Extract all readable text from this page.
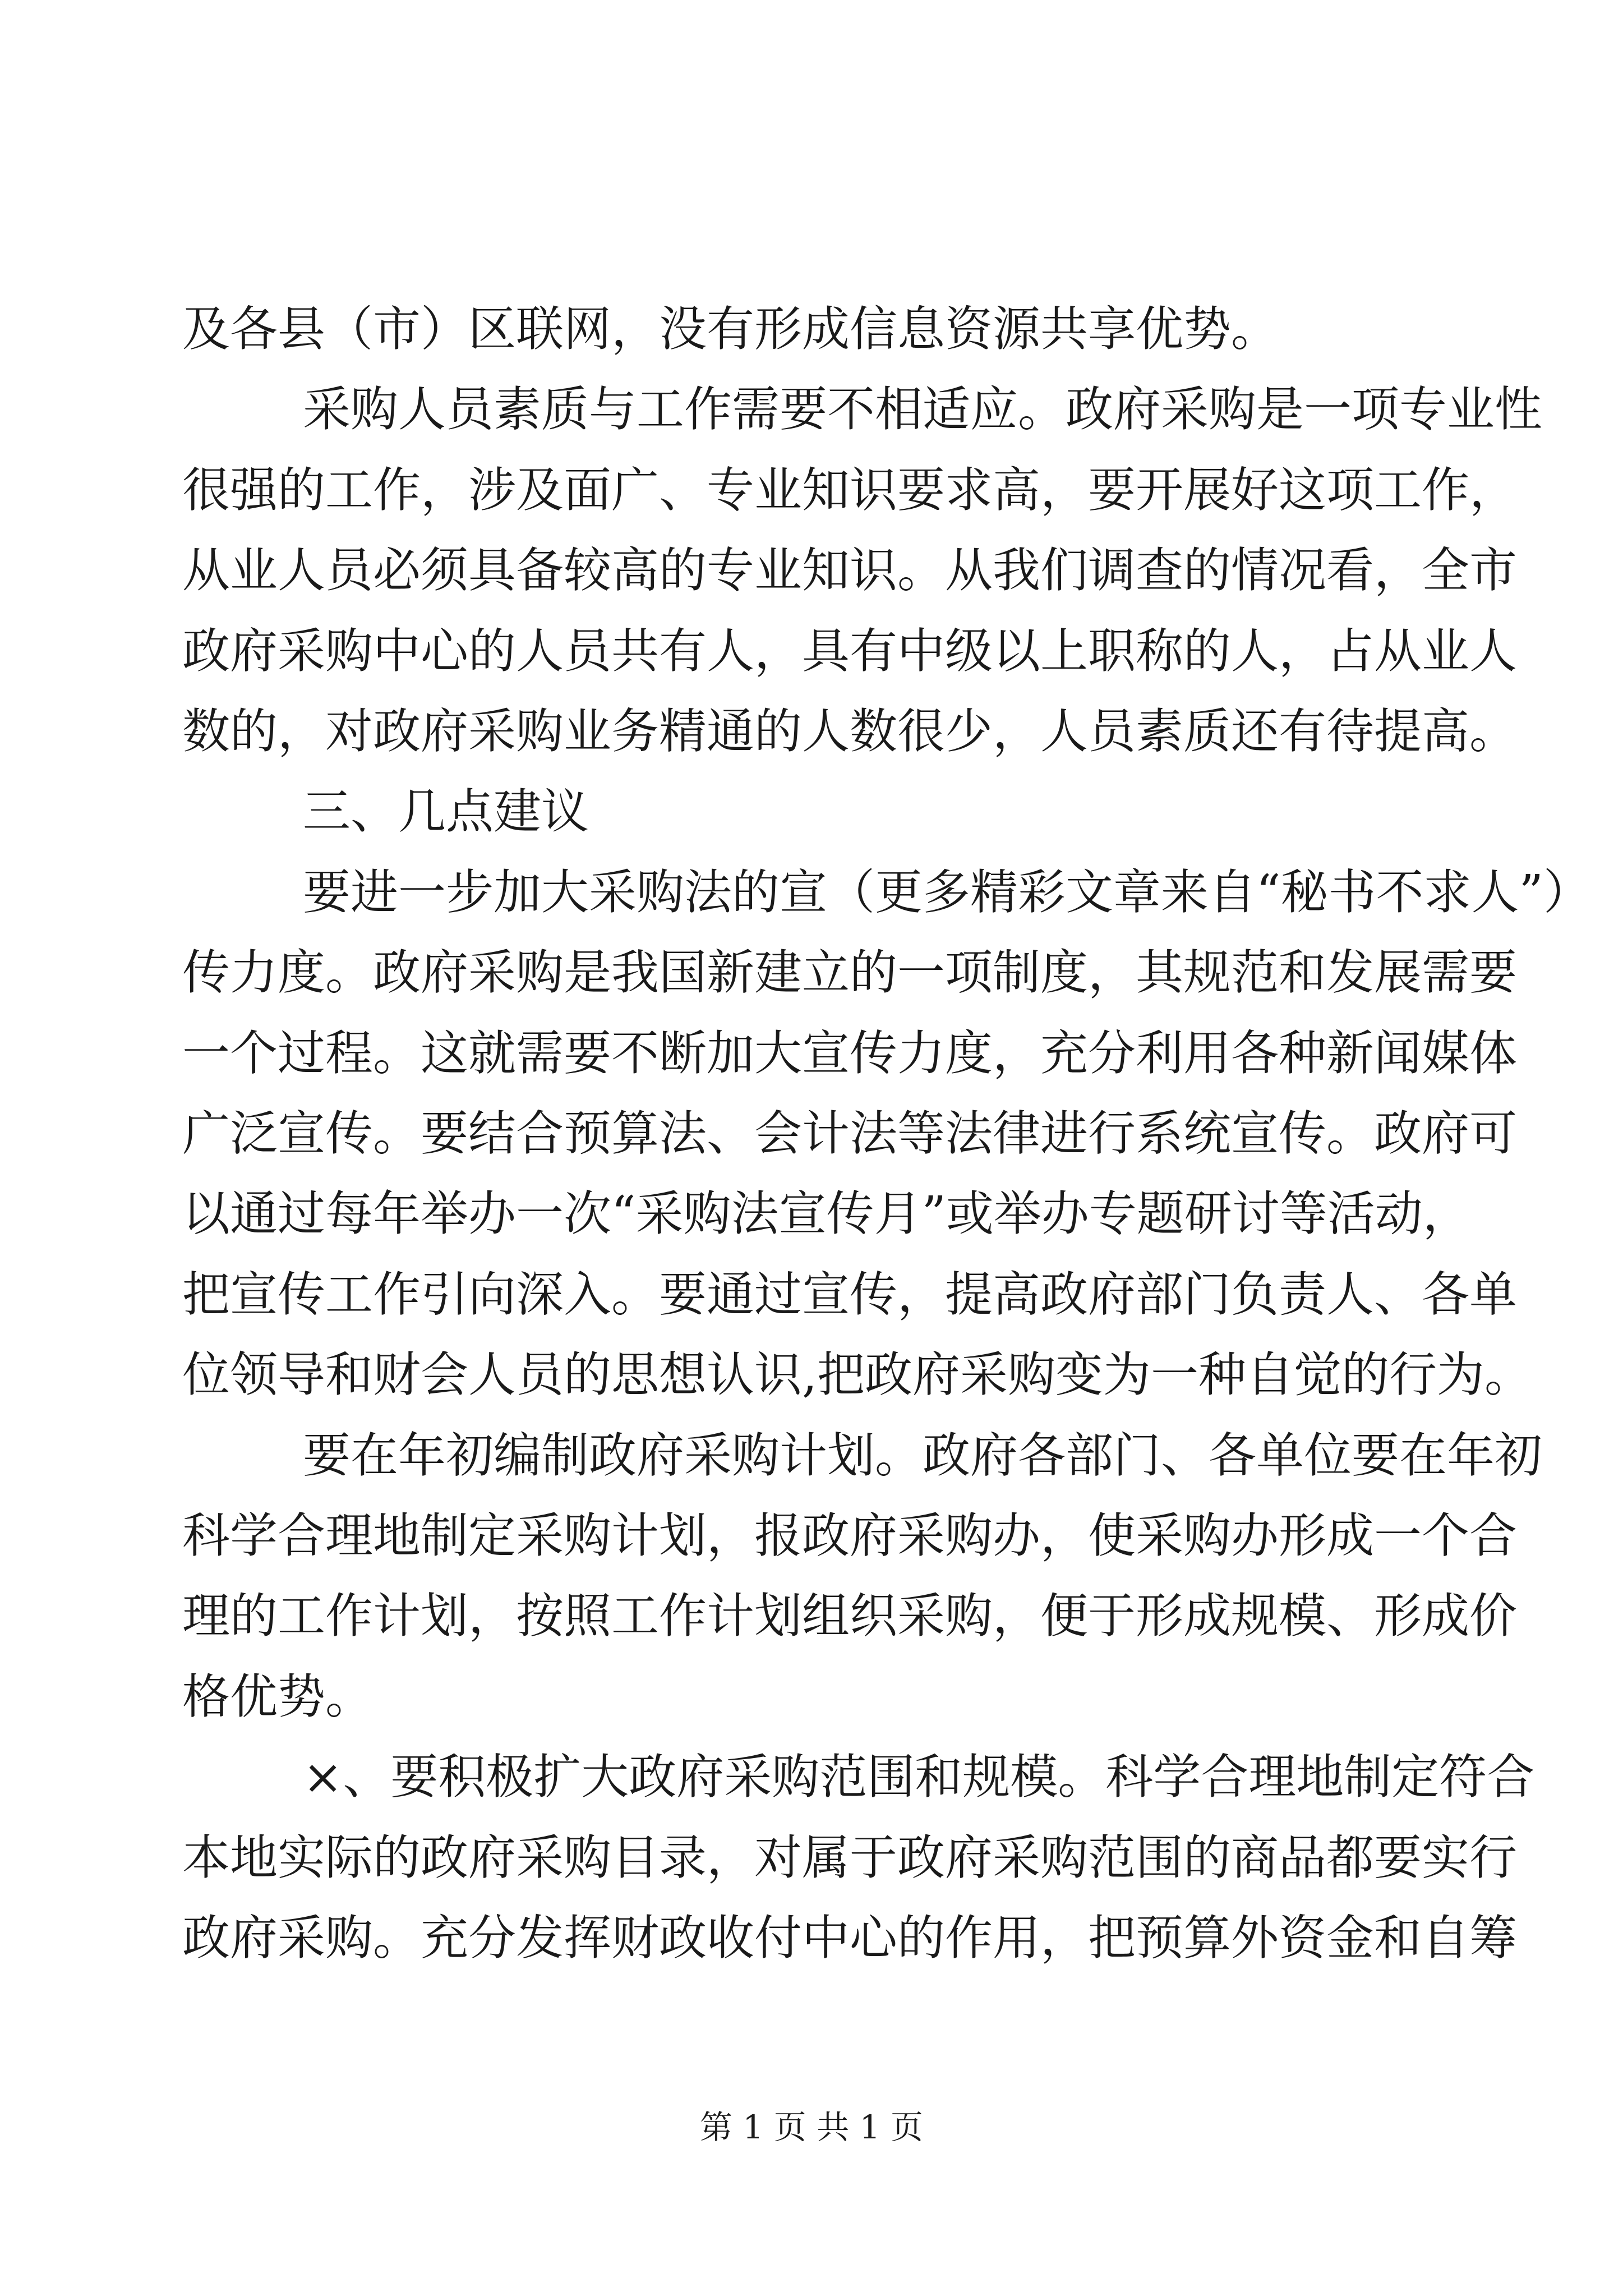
及各县（市）区联网，没有形成信息资源共享优势。
采购人员素质与工作需要不相适应。政府采购是一项专业性
很强的工作，涉及面广、专业知识要求高，要开展好这项工作，
从业人员必须具备较高的专业知识。从我们调查的情况看，全市
政府采购中心的人员共有人，具有中级以上职称的人，占从业人
数的，对政府采购业务精通的人数很少，人员素质还有待提高。
三、几点建议
要进一步加大采购法的宣（更多精彩文章来自“秘书不求人”）
传力度。政府采购是我国新建立的一项制度，其规范和发展需要
一个过程。这就需要不断加大宣传力度，充分利用各种新闻媒体
广泛宣传。要结合预算法、会计法等法律进行系统宣传。政府可
以通过每年举办一次“采购法宣传月”或举办专题研讨等活动，
把宣传工作引向深入。要通过宣传，提高政府部门负责人、各单
位领导和财会人员的思想认识,把政府采购变为一种自觉的行为。
要在年初编制政府采购计划。政府各部门、各单位要在年初
科学合理地制定采购计划，报政府采购办，使采购办形成一个合
理的工作计划，按照工作计划组织采购，便于形成规模、形成价
格优势。
×、要积极扩大政府采购范围和规模。科学合理地制定符合
本地实际的政府采购目录，对属于政府采购范围的商品都要实行
政府采购。充分发挥财政收付中心的作用，把预算外资金和自筹
第 1 页 共 1 页
